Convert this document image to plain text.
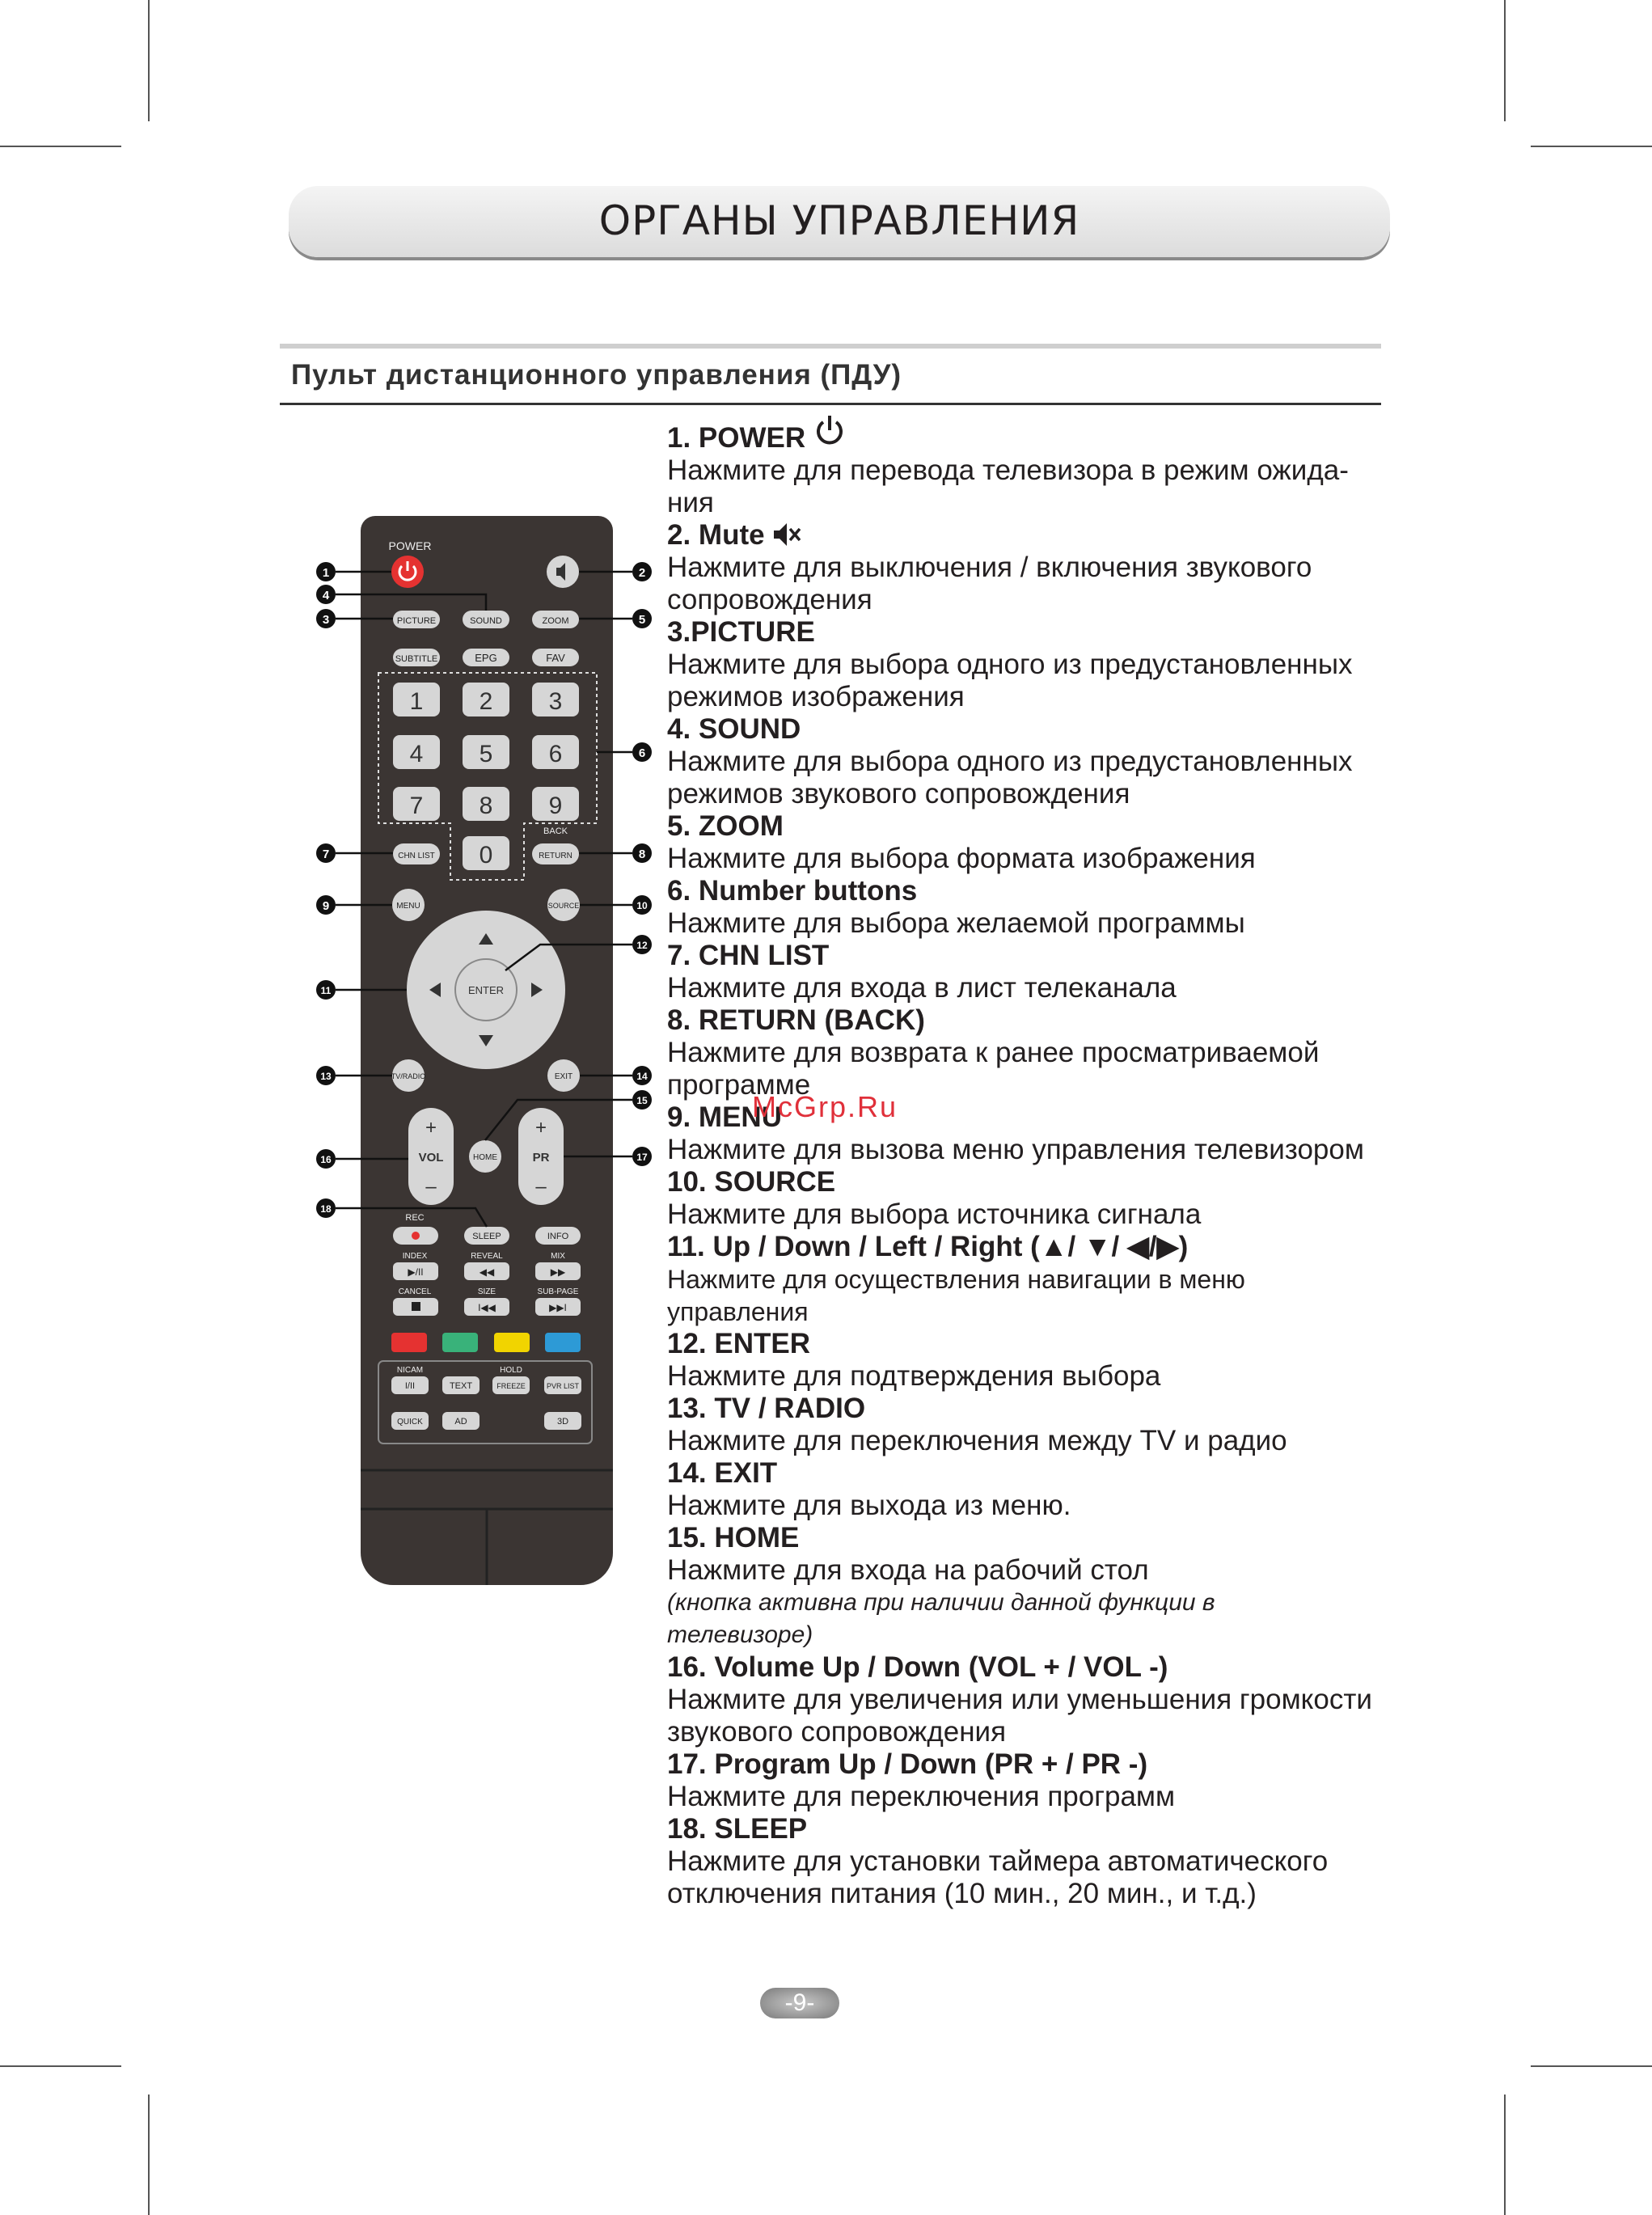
ОРГАНЫ УПРАВЛЕНИЯ
Пульт дистанционного управления (ПДУ)
POWER
PICTURE	SOUND	ZOOM
SUBTITLE	EPG	FAV
1 2 3
4 5 6
7 8 9
0
BACK
CHN LIST	RETURN
MENU	SOURCE
ENTER
TV/RADIO	EXIT
+
VOL
–
+
PR
–
HOME
REC
SLEEP	INFO
INDEX	REVEAL	MIX
▶/II	◀◀	▶▶
CANCEL	SIZE	SUB-PAGE
I◀◀	▶▶I
NICAM	HOLD
I/II	TEXT	FREEZE	PVR LIST
QUICK	AD	3D
1	2
3
4
5
6
7	8
9	10
11
12
13	14
15
16	17
18
1. POWER
Нажмите для перевода телевизора в режим ожида-
ния
2. Mute
Нажмите для выключения / включения звукового
сопровождения
3.PICTURE
Нажмите для выбора одного из предустановленных
режимов изображения
4. SOUND
Нажмите для выбора одного из предустановленных
режимов звукового сопровождения
5. ZOOM
Нажмите для выбора формата изображения
6. Number buttons
Нажмите для выбора желаемой программы
7. CHN LIST
Нажмите для входа в лист телеканала
8. RETURN (BACK)
Нажмите для возврата к ранее просматриваемой
программе
9. MENU
Нажмите для вызова меню управления телевизором
10. SOURCE
Нажмите для выбора источника сигнала
11. Up / Down / Left / Right (▲/ ▼/ ◀/▶)
Нажмите для осуществления навигации в меню
управления
12. ENTER
Нажмите для подтверждения выбора
13. TV / RADIO
Нажмите для переключения между TV и радио
14. EXIT
Нажмите для выхода из меню.
15. HOME
Нажмите для входа на рабочий стол
(кнопка активна при наличии данной функции в
телевизоре)
16. Volume Up / Down (VOL + / VOL -)
Нажмите для увеличения или уменьшения громкости
звукового сопровождения
17. Program Up / Down (PR + / PR -)
Нажмите для переключения программ
18. SLEEP
Нажмите для установки таймера автоматического
отключения питания (10 мин., 20 мин., и т.д.)
McGrp.Ru
-9-
